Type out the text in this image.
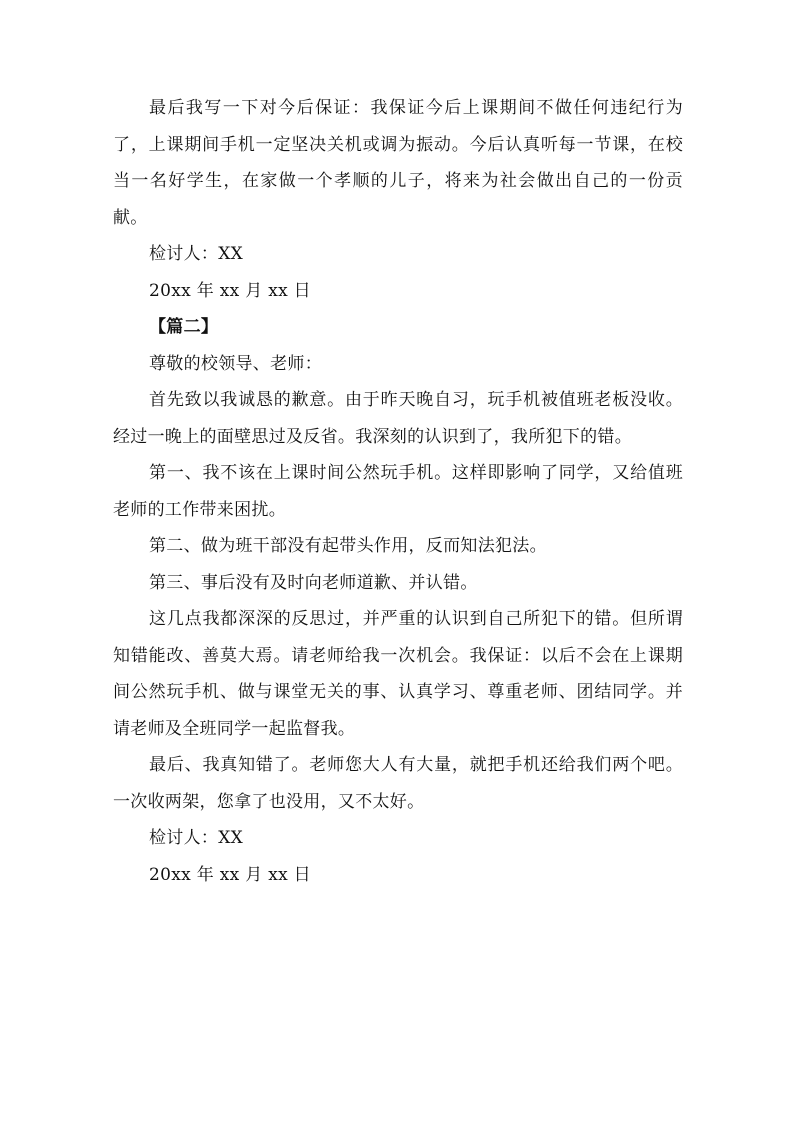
最后我写一下对今后保证：我保证今后上课期间不做任何违纪行为了，上课期间手机一定坚决关机或调为振动。今后认真听每一节课，在校当一名好学生，在家做一个孝顺的儿子，将来为社会做出自己的一份贡献。

检讨人：XX

20xx 年 xx 月 xx 日

【篇二】

尊敬的校领导、老师：

首先致以我诚恳的歉意。由于昨天晚自习，玩手机被值班老板没收。经过一晚上的面壁思过及反省。我深刻的认识到了，我所犯下的错。

第一、我不该在上课时间公然玩手机。这样即影响了同学，又给值班老师的工作带来困扰。

第二、做为班干部没有起带头作用，反而知法犯法。

第三、事后没有及时向老师道歉、并认错。

这几点我都深深的反思过，并严重的认识到自己所犯下的错。但所谓知错能改、善莫大焉。请老师给我一次机会。我保证：以后不会在上课期间公然玩手机、做与课堂无关的事、认真学习、尊重老师、团结同学。并请老师及全班同学一起监督我。

最后、我真知错了。老师您大人有大量，就把手机还给我们两个吧。一次收两架，您拿了也没用，又不太好。

检讨人：XX

20xx 年 xx 月 xx 日
